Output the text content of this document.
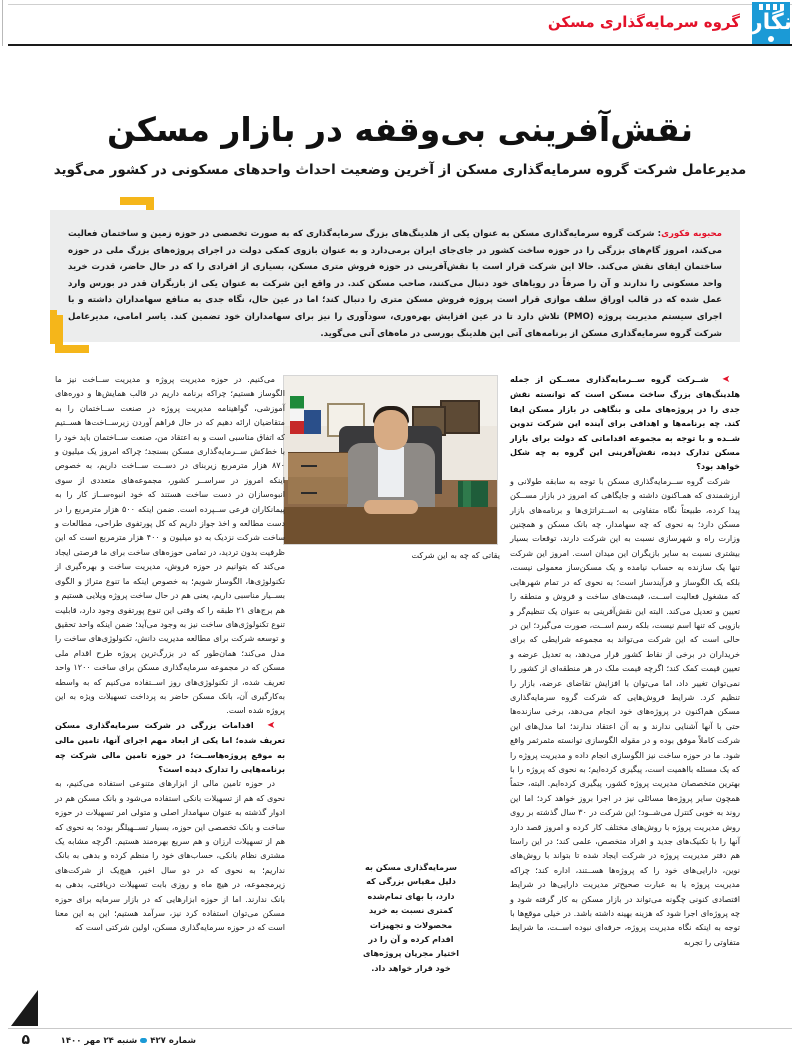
گروه سرمایه‌گذاری مسکن نگار
نقش‌آفرینی بی‌وقفه در بازار مسکن
مدیرعامل شرکت گروه سرمایه‌گذاری مسکن از آخرین وضعیت احداث واحدهای مسکونی در کشور می‌گوید
محبوبه فکوری: شرکت گروه سرمایه‌گذاری مسکن به عنوان یکی از هلدینگ‌های بزرگ سرمایه‌گذاری که به صورت تخصصی در حوزه زمین و ساختمان فعالیت می‌کند، امروز گام‌های بزرگی را در حوزه ساخت کشور در جای‌جای ایران برمی‌دارد و به عنوان بازوی کمکی دولت در اجرای پروژه‌های بزرگ ملی در حوزه ساختمان ایفای نقش می‌کند. حالا این شرکت قرار است با نقش‌آفرینی در حوزه فروش متری مسکن، بسیاری از افرادی را که در حال حاضر، قدرت خرید واحد مسکونی را ندارند و آن را صرفاً در رویاهای خود دنبال می‌کنند، صاحب مسکن کند. در واقع این شرکت به عنوان یکی از بازیگران قدر در بورس وارد عمل شده که در قالب اوراق سلف موازی قرار است پروژه فروش مسکن متری را دنبال کند؛ اما در عین حال، نگاه جدی به منافع سهامداران داشته و با اجرای سیستم مدیریت پروژه (PMO) تلاش دارد تا در عین افزایش بهره‌وری، سودآوری را نیز برای سهامداران خود تضمین کند. یاسر امامی، مدیرعامل شرکت گروه سرمایه‌گذاری مسکن از برنامه‌های آتی این هلدینگ بورسی در ماه‌های آتی می‌گوید.

➤شــرکت گروه ســرمایه‌گذاری مســکن از جمله هلدینگ‌های بزرگ ساخت مسکن است که توانسته نقش جدی را در پروژه‌های ملی و بنگاهی در بازار مسکن ایفا کند. چه برنامه‌ها و اهدافی برای آینده این شرکت تدوین شــده و با توجه به مجموعه اقداماتی که دولت برای بازار مسکن تدارک دیده، نقش‌آفرینی این گروه به چه شکل خواهد بود؟

شرکت گروه ســرمایه‌گذاری مسکن با توجه به سابقه طولانی و ارزشمندی که همـاکنون داشته و جایگاهی که امروز در بازار مســکن پیدا کرده، طبیعتاً نگاه متفاوتی به اســتراتژی‌ها و برنامه‌های بازار مسکن دارد؛ به نحوی که چه سهامدار، چه بانک مسکن و همچنین وزارت راه و شهرسازی نسبت به این شرکت دارند، توقعات بسیار بیشتری نسبت به سایر بازیگران این میدان است. امروز این شرکت تنها یک سازنده به حساب نیامده و یک مسکن‌ساز معمولی نیست، بلکه یک الگوساز و فرآیندساز است؛ به نحوی که در تمام شهرهایی که مشغول فعالیت اســت، قیمت‌های ساخت و فروش و منطقه را تعیین و تعدیل می‌کند. البته این نقش‌آفرینی به عنوان یک تنظیم‌گر و بازویی که تنها اسم نیست، بلکه رسم اســت، صورت می‌گیرد؛ این در حالی است که این شرکت می‌تواند به مجموعه شرایطی که برای خریداران در برخی از نقاط کشور قرار می‌دهد، به تعدیل عرضه و تعیین قیمت کمک کند؛ اگرچه قیمت ملک در هر منطقه‌ای از کشور را نمی‌توان تغییر داد، اما می‌توان با افزایش تقاضای عرضه، بازار را تنظیم کرد. شرایط فروش‌هایی که شرکت گروه سرمایه‌گذاری مسکن هم‌اکنون در پروژه‌های خود انجام می‌دهد، برخی سازنده‌ها حتی با آنها آشنایی ندارند و به آن اعتقاد ندارند؛ اما مدل‌های این شرکت کاملاً موفق بوده و در مقوله الگوسازی توانسته مثمرثمر واقع شود. ما در حوزه ساخت نیز الگوسازی انجام داده و مدیریت پروژه را که یک مسئله بااهمیت است، پیگیری کرده‌ایم؛ به نحوی که پروژه را با بهترین متخصصان مدیریت پروژه کشور، پیگیری کرده‌ایم. البته، حتماً همچون سایر پروژه‌ها مسائلی نیز در اجرا بروز خواهد کرد؛ اما این روند به خوبی کنترل می‌شــود؛ این شرکت در ۳۰ سال گذشته بر روی روش مدیریت پروژه با روش‌های مختلف کار کرده و امروز قصد دارد آنها را با تکنیک‌های جدید و افراد متخصص، علمی کند؛ در این راستا هم دفتر مدیریت پروژه در شرکت ایجاد شده تا بتواند با روش‌های نوین، دارایی‌های خود را که پروژه‌ها هســتند، اداره کند؛ چراکه مدیریت پروژه یا به عبارت صحیح‌تر مدیریت دارایی‌ها در شرایط اقتصادی کنونی چگونه می‌تواند در بازار مسکن به کار گرفته شود و چه پروژه‌ای اجرا شود که هزینه بهینه داشته باشد. در خیلی موقع‌ها با توجه به اینکه نگاه مدیریت پروژه، حرفه‌ای نبوده اســت، ما شرایط متفاوتی را تجربه

یقاتی که چه به این شرکت

سرمایه‌گذاری مسکن به دلیل مقیاس بزرگی که دارد، با بهای تمام‌شده کمتری نسبت به خرید محصولات و تجهیزات اقدام کرده و آن را در اختیار مجریان پروژه‌های خود قرار خواهد داد.

می‌کنیم. در حوزه مدیریت پروژه و مدیریت ســاخت نیز ما الگوساز هستیم؛ چراکه برنامه داریم در قالب همایش‌ها و دوره‌های آموزشی، گواهینامه مدیریت پروژه در صنعت ســاختمان را به متقاضیان ارائه دهیم که در حال فراهم آوردن زیرســاخت‌ها هســتیم که اتفاق مناسبی است و به اعتقاد من، صنعت ســاختمان باید خود را با خط‌کش ســرمایه‌گذاری مسکن بسنجد؛ چراکه امروز یک میلیون و ۸۷۰ هزار مترمربع زیربنای در دســت ســاخت داریم، به خصوص اینکه امروز در سراســر کشور، مجموعه‌های متعددی از سوی انبوه‌سازان در دست ساخت هستند که خود انبوه‌ســاز کار را به پیمانکاران فرعی ســپرده است. ضمن اینکه ۵۰۰ هزار مترمربع را در دست مطالعه و اخذ جواز داریم که کل پورتفوی طراحی، مطالعات و ساخت شرکت نزدیک به دو میلیون و ۴۰۰ هزار مترمربع است که این ظرفیت بدون تردید، در تمامی حوزه‌های ساخت برای ما فرصتی ایجاد می‌کند که بتوانیم در حوزه فروش، مدیریت ساخت و بهره‌گیری از تکنولوژی‌ها، الگوساز شویم؛ به خصوص اینکه ما تنوع متراژ و الگوی بســیار مناسبی داریم، یعنی هم در حال ساخت پروژه ویلایی هستیم و هم برج‌های ۲۱ طبقه را که وقتی این تنوع پورتفوی وجود دارد، قابلیت تنوع تکنولوژی‌های ساخت نیز به وجود می‌آید؛ ضمن اینکه واحد تحقیق و توسعه شرکت برای مطالعه مدیریت دانش، تکنولوژی‌های ساخت را مدل می‌کند؛ همان‌طور که در بزرگ‌ترین پروژه طرح اقدام ملی مسکن که در مجموعه سرمایه‌گذاری مسکن برای ساخت ۱۲۰۰ واحد تعریف شده، از تکنولوژی‌های روز اســتفاده می‌کنیم که به واسطه به‌کارگیری آن، بانک مسکن حاضر به پرداخت تسهیلات ویژه به این پروژه شده است.

➤اقدامات بزرگی در شرکت سرمایه‌گذاری مسکن تعریف شده؛ اما یکی از ابعاد مهم اجرای آنها، تامین مالی به موقع پروژه‌هاســت؛ در حوزه تامین مالی شرکت چه برنامه‌هایی را تدارک دیده است؟

در حوزه تامین مالی از ابزارهای متنوعی استفاده می‌کنیم، به نحوی که هم از تسهیلات بانکی استفاده می‌شود و بانک مسکن هم در ادوار گذشته به عنوان سهامدار اصلی و متولی امر تسهیلات در حوزه ساخت و بانک تخصصی این حوزه، بسیار تســهیلگر بوده؛ به نحوی که هم از تسهیلات ارزان و هم سریع بهره‌مند هستیم. اگرچه مشابه یک مشتری نظام بانکی، حساب‌های خود را منظم کرده و بدهی به بانک نداریم؛ به نحوی که در دو سال اخیر، هیچ‌یک از شرکت‌های زیرمجموعه، در هیچ ماه و روزی بابت تسهیلات دریافتی، بدهی به بانک ندارند. اما از حوزه ابزارهایی که در بازار سرمایه برای حوزه مسکن می‌توان استفاده کرد نیز، سرآمد هستیم؛ این به این معنا است که در حوزه سرمایه‌گذاری مسکن، اولین شرکتی است که

شماره ۴۲۷شنبه ۲۴ مهر ۱۴۰۰
۵
